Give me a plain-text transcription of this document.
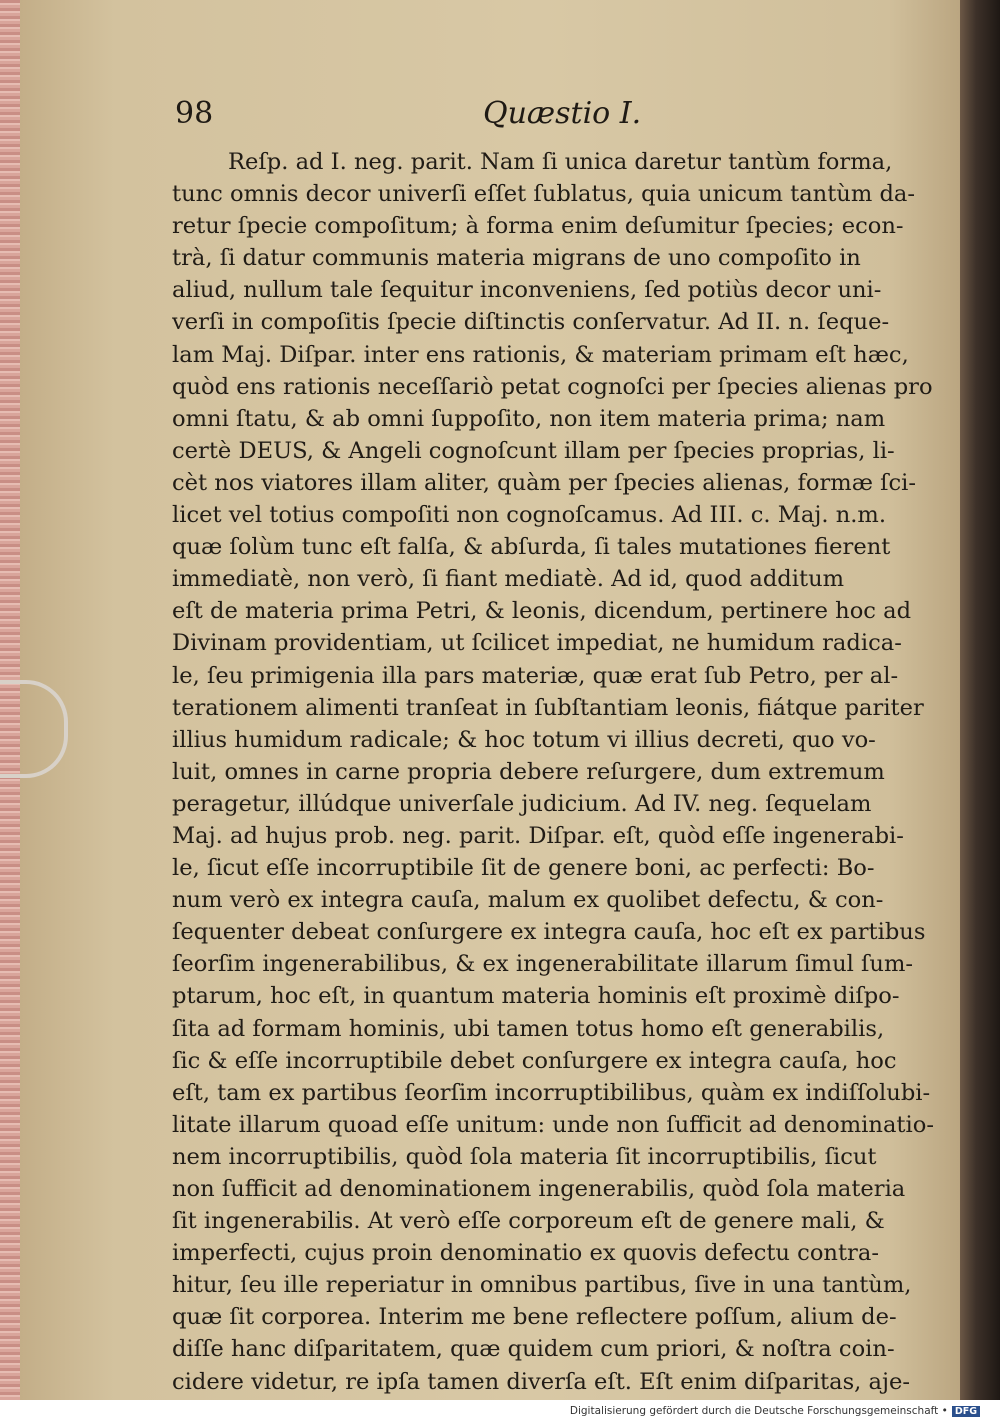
98	Quæstio I.
Reſp. ad I. neg. parit. Nam ſi unica daretur tantùm forma,
tunc omnis decor univerſi eſſet ſublatus, quia unicum tantùm da-
retur ſpecie compoſitum; à forma enim deſumitur ſpecies; econ-
trà, ſi datur communis materia migrans de uno compoſito in
aliud, nullum tale ſequitur inconveniens, ſed potiùs decor uni-
verſi in compoſitis ſpecie diſtinctis conſervatur. Ad II. n. ſeque-
lam Maj. Diſpar. inter ens rationis, & materiam primam eſt hæc,
quòd ens rationis neceſſariò petat cognoſci per ſpecies alienas pro
omni ſtatu, & ab omni ſuppoſito, non item materia prima; nam
certè DEUS, & Angeli cognoſcunt illam per ſpecies proprias, li-
cèt nos viatores illam aliter, quàm per ſpecies alienas, formæ ſci-
licet vel totius compoſiti non cognoſcamus. Ad III. c. Maj. n.m.
quæ ſolùm tunc eſt falſa, & abſurda, ſi tales mutationes fierent
immediatè, non verò, ſi fiant mediatè. Ad id, quod additum
eſt de materia prima Petri, & leonis, dicendum, pertinere hoc ad
Divinam providentiam, ut ſcilicet impediat, ne humidum radica-
le, ſeu primigenia illa pars materiæ, quæ erat ſub Petro, per al-
terationem alimenti tranſeat in ſubſtantiam leonis, fiátque pariter
illius humidum radicale; & hoc totum vi illius decreti, quo vo-
luit, omnes in carne propria debere reſurgere, dum extremum
peragetur, illúdque univerſale judicium. Ad IV. neg. ſequelam
Maj. ad hujus prob. neg. parit. Diſpar. eſt, quòd eſſe ingenerabi-
le, ſicut eſſe incorruptibile ſit de genere boni, ac perfecti: Bo-
num verò ex integra cauſa, malum ex quolibet defectu, & con-
ſequenter debeat conſurgere ex integra cauſa, hoc eſt ex partibus
ſeorſim ingenerabilibus, & ex ingenerabilitate illarum ſimul ſum-
ptarum, hoc eſt, in quantum materia hominis eſt proximè diſpo-
ſita ad formam hominis, ubi tamen totus homo eſt generabilis,
ſic & eſſe incorruptibile debet conſurgere ex integra cauſa, hoc
eſt, tam ex partibus ſeorſim incorruptibilibus, quàm ex indiſſolubi-
litate illarum quoad eſſe unitum: unde non ſufficit ad denominatio-
nem incorruptibilis, quòd ſola materia ſit incorruptibilis, ſicut
non ſufficit ad denominationem ingenerabilis, quòd ſola materia
ſit ingenerabilis. At verò eſſe corporeum eſt de genere mali, &
imperfecti, cujus proin denominatio ex quovis defectu contra-
hitur, ſeu ille reperiatur in omnibus partibus, ſive in una tantùm,
quæ ſit corporea. Interim me bene reflectere poſſum, alium de-
diſſe hanc diſparitatem, quæ quidem cum priori, & noſtra coin-
cidere videtur, re ipſa tamen diverſa eſt. Eſt enim diſparitas, aje-
Digitalisierung gefördert durch die Deutsche Forschungsgemeinschaft • DFG
